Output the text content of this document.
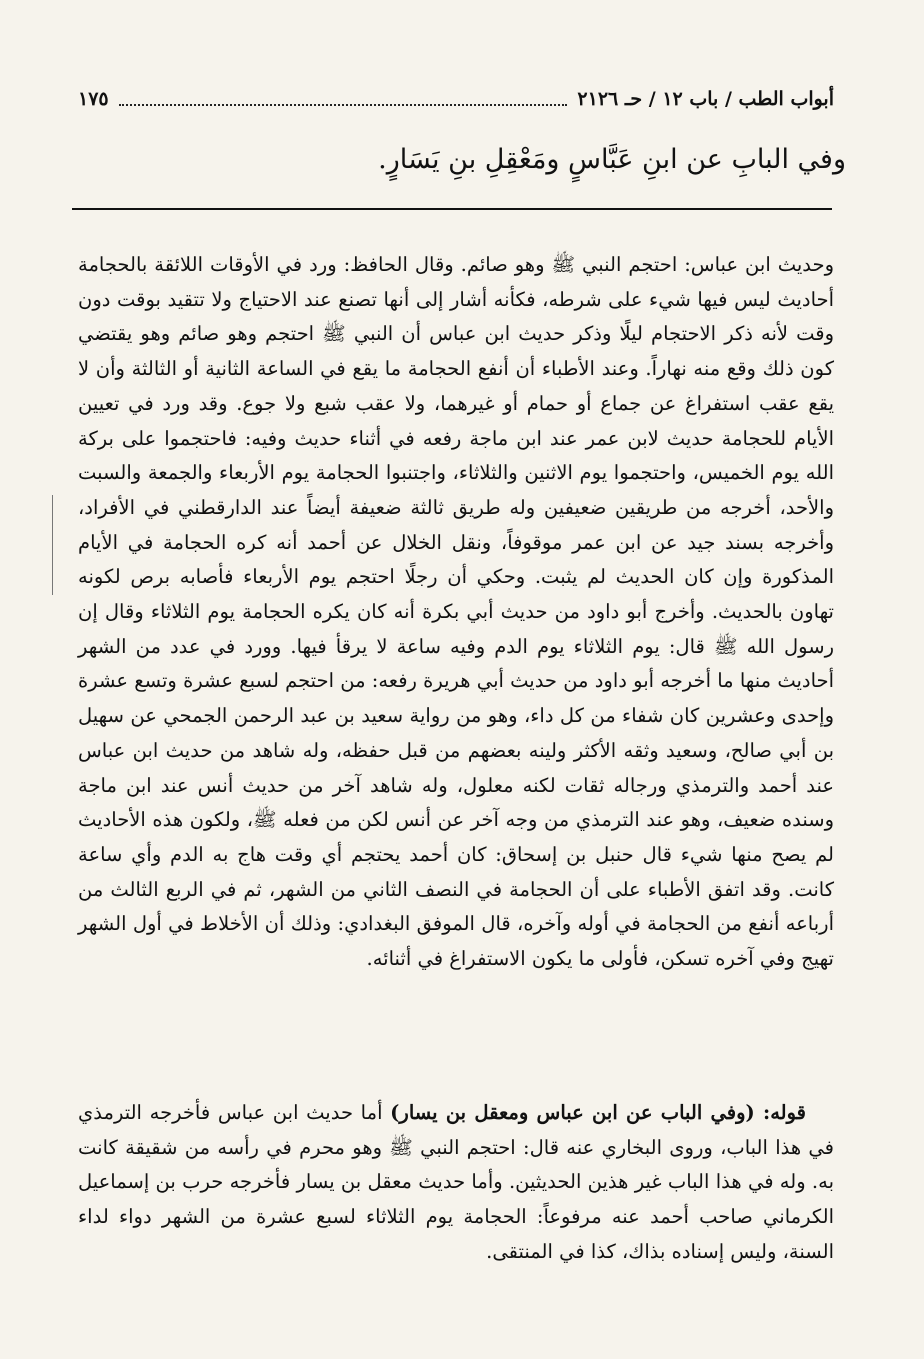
أبواب الطب / باب ١٢ / حـ ٢١٢٦
١٧٥
وفي البابِ عن ابنِ عَبَّاسٍ ومَعْقِلِ بنِ يَسَارٍ.

وحديث ابن عباس: احتجم النبي ﷺ وهو صائم. وقال الحافظ: ورد في الأوقات اللائقة بالحجامة أحاديث ليس فيها شيء على شرطه، فكأنه أشار إلى أنها تصنع عند الاحتياج ولا تتقيد بوقت دون وقت لأنه ذكر الاحتجام ليلًا وذكر حديث ابن عباس أن النبي ﷺ احتجم وهو صائم وهو يقتضي كون ذلك وقع منه نهاراً. وعند الأطباء أن أنفع الحجامة ما يقع في الساعة الثانية أو الثالثة وأن لا يقع عقب استفراغ عن جماع أو حمام أو غيرهما، ولا عقب شبع ولا جوع. وقد ورد في تعيين الأيام للحجامة حديث لابن عمر عند ابن ماجة رفعه في أثناء حديث وفيه: فاحتجموا على بركة الله يوم الخميس، واحتجموا يوم الاثنين والثلاثاء، واجتنبوا الحجامة يوم الأربعاء والجمعة والسبت والأحد، أخرجه من طريقين ضعيفين وله طريق ثالثة ضعيفة أيضاً عند الدارقطني في الأفراد، وأخرجه بسند جيد عن ابن عمر موقوفاً، ونقل الخلال عن أحمد أنه كره الحجامة في الأيام المذكورة وإن كان الحديث لم يثبت. وحكي أن رجلًا احتجم يوم الأربعاء فأصابه برص لكونه تهاون بالحديث. وأخرج أبو داود من حديث أبي بكرة أنه كان يكره الحجامة يوم الثلاثاء وقال إن رسول الله ﷺ قال: يوم الثلاثاء يوم الدم وفيه ساعة لا يرقأ فيها. وورد في عدد من الشهر أحاديث منها ما أخرجه أبو داود من حديث أبي هريرة رفعه: من احتجم لسبع عشرة وتسع عشرة وإحدى وعشرين كان شفاء من كل داء، وهو من رواية سعيد بن عبد الرحمن الجمحي عن سهيل بن أبي صالح، وسعيد وثقه الأكثر ولينه بعضهم من قبل حفظه، وله شاهد من حديث ابن عباس عند أحمد والترمذي ورجاله ثقات لكنه معلول، وله شاهد آخر من حديث أنس عند ابن ماجة وسنده ضعيف، وهو عند الترمذي من وجه آخر عن أنس لكن من فعله ﷺ، ولكون هذه الأحاديث لم يصح منها شيء قال حنبل بن إسحاق: كان أحمد يحتجم أي وقت هاج به الدم وأي ساعة كانت. وقد اتفق الأطباء على أن الحجامة في النصف الثاني من الشهر، ثم في الربع الثالث من أرباعه أنفع من الحجامة في أوله وآخره، قال الموفق البغدادي: وذلك أن الأخلاط في أول الشهر تهيج وفي آخره تسكن، فأولى ما يكون الاستفراغ في أثنائه.

قوله: (وفي الباب عن ابن عباس ومعقل بن يسار) أما حديث ابن عباس فأخرجه الترمذي في هذا الباب، وروى البخاري عنه قال: احتجم النبي ﷺ وهو محرم في رأسه من شقيقة كانت به. وله في هذا الباب غير هذين الحديثين. وأما حديث معقل بن يسار فأخرجه حرب بن إسماعيل الكرماني صاحب أحمد عنه مرفوعاً: الحجامة يوم الثلاثاء لسبع عشرة من الشهر دواء لداء السنة، وليس إسناده بذاك، كذا في المنتقى.
